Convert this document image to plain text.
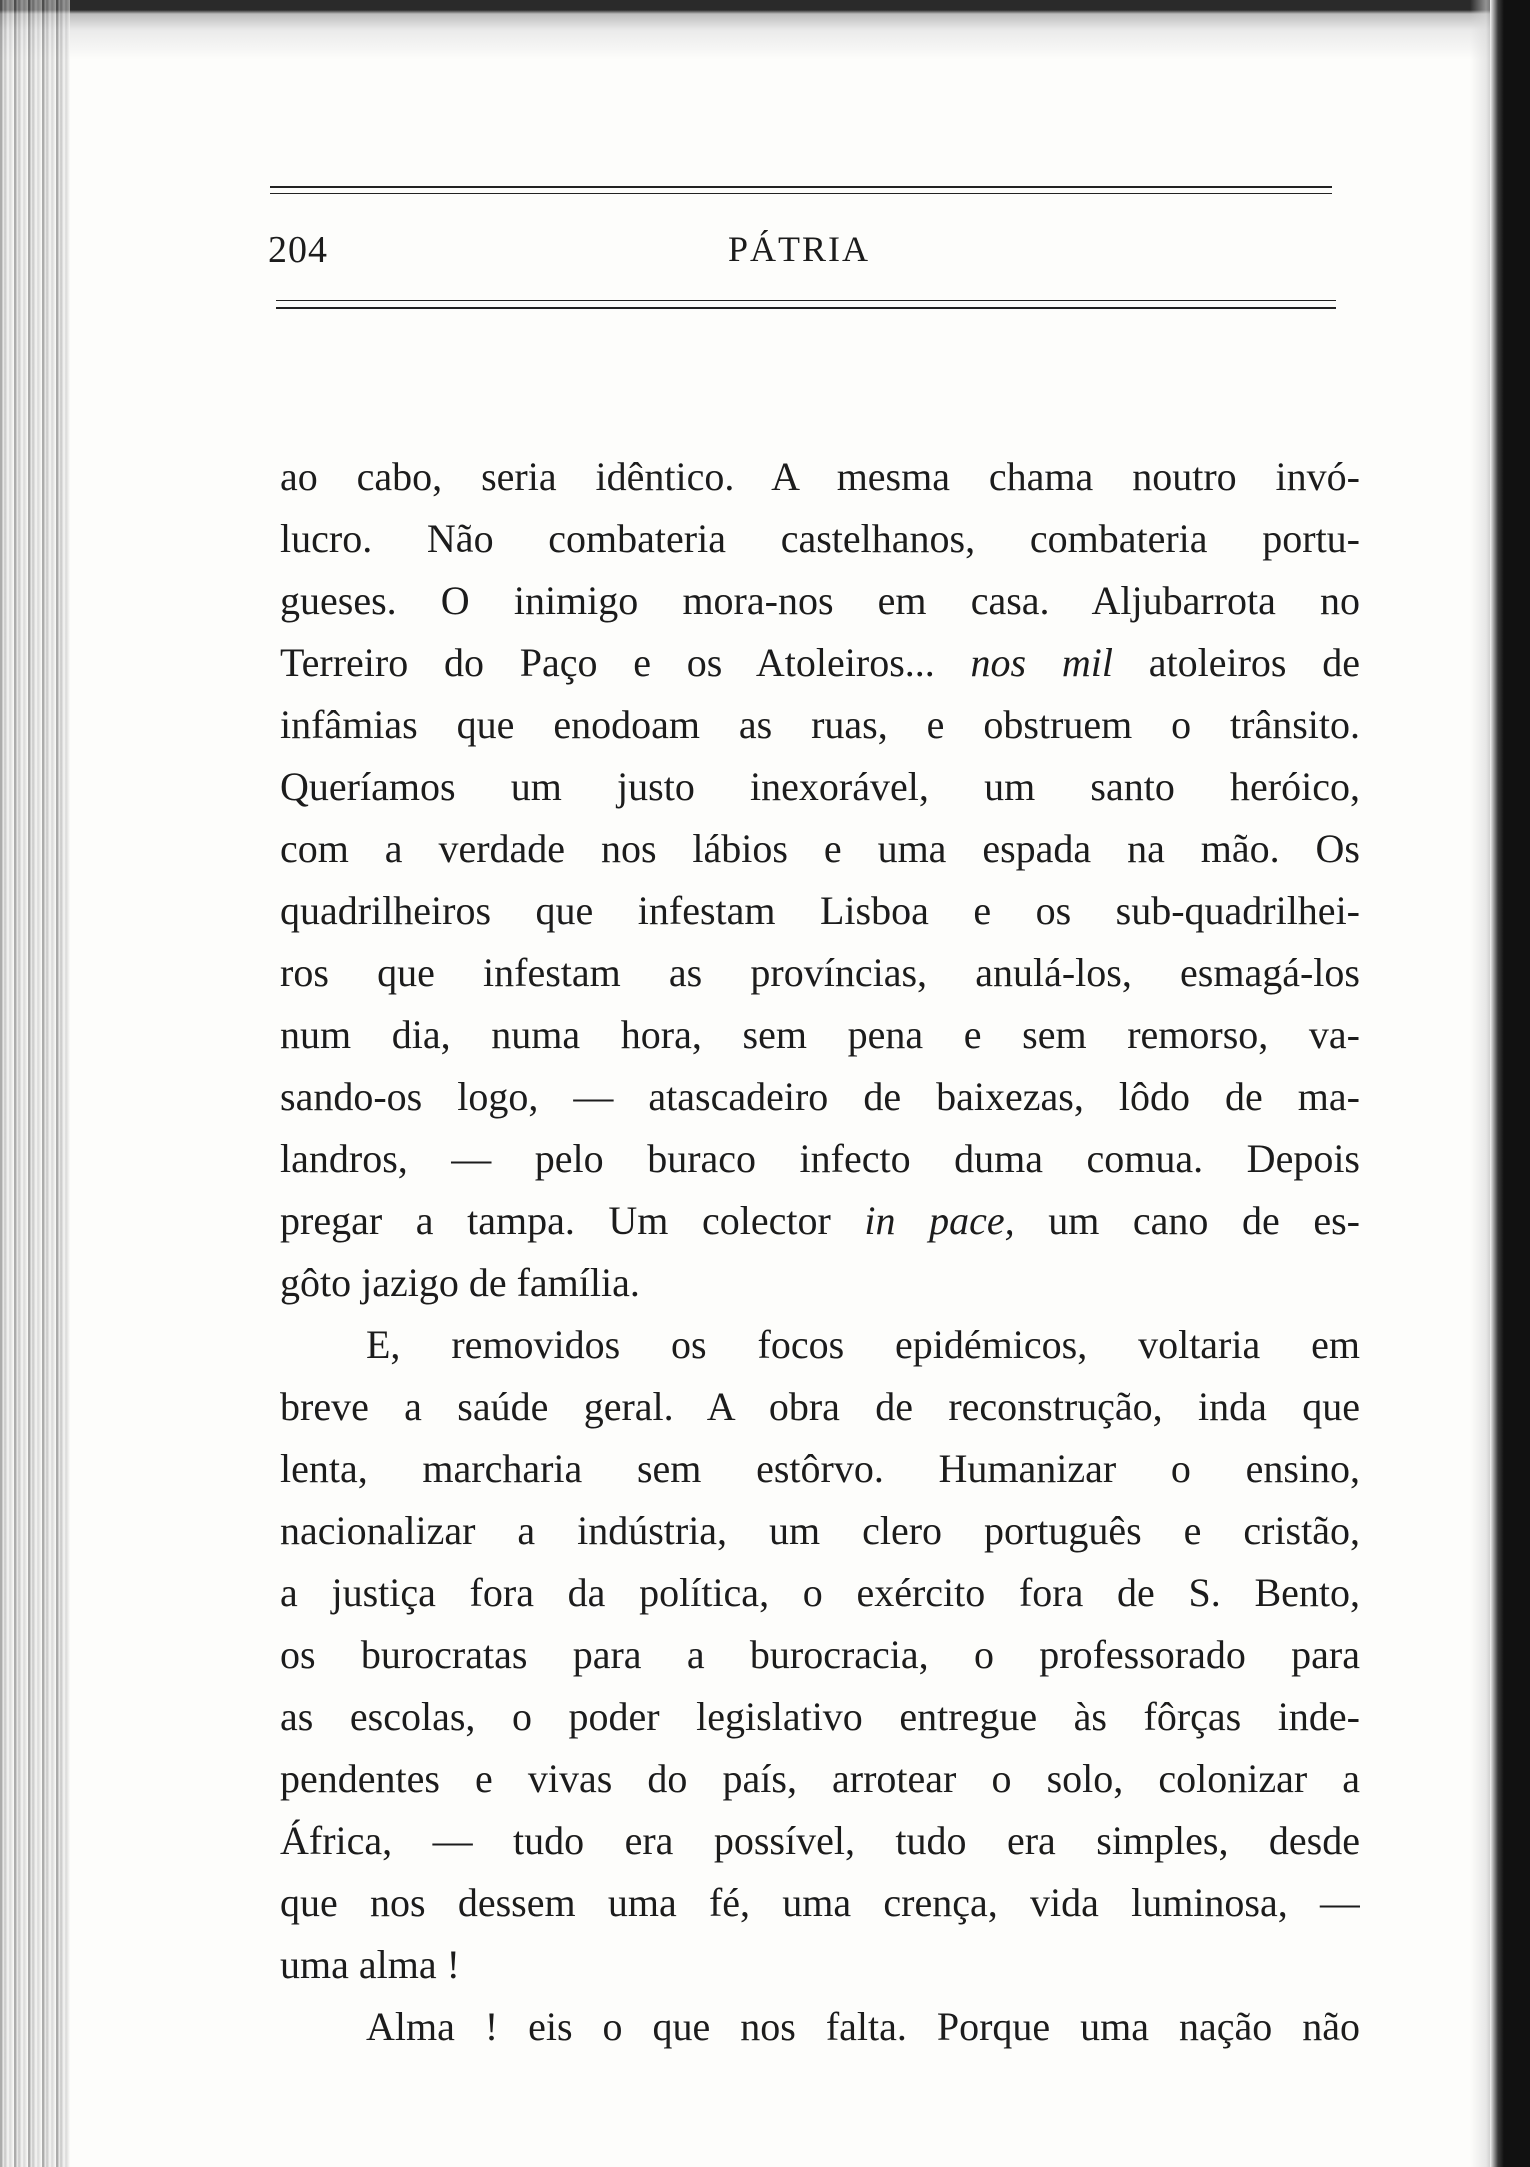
204	PÁTRIA
ao cabo, seria idêntico. A mesma chama noutro invó-
lucro. Não combateria castelhanos, combateria portu-
gueses. O inimigo mora-nos em casa. Aljubarrota no
Terreiro do Paço e os Atoleiros... nos mil atoleiros de
infâmias que enodoam as ruas, e obstruem o trânsito.
Queríamos um justo inexorável, um santo heróico,
com a verdade nos lábios e uma espada na mão. Os
quadrilheiros que infestam Lisboa e os sub-quadrilhei-
ros que infestam as províncias, anulá-los, esmagá-los
num dia, numa hora, sem pena e sem remorso, va-
sando-os logo, — atascadeiro de baixezas, lôdo de ma-
landros, — pelo buraco infecto duma comua. Depois
pregar a tampa. Um colector in pace, um cano de es-
gôto jazigo de família.
E, removidos os focos epidémicos, voltaria em
breve a saúde geral. A obra de reconstrução, inda que
lenta, marcharia sem estôrvo. Humanizar o ensino,
nacionalizar a indústria, um clero português e cristão,
a justiça fora da política, o exército fora de S. Bento,
os burocratas para a burocracia, o professorado para
as escolas, o poder legislativo entregue às fôrças inde-
pendentes e vivas do país, arrotear o solo, colonizar a
África, — tudo era possível, tudo era simples, desde
que nos dessem uma fé, uma crença, vida luminosa, —
uma alma !
Alma ! eis o que nos falta. Porque uma nação não
